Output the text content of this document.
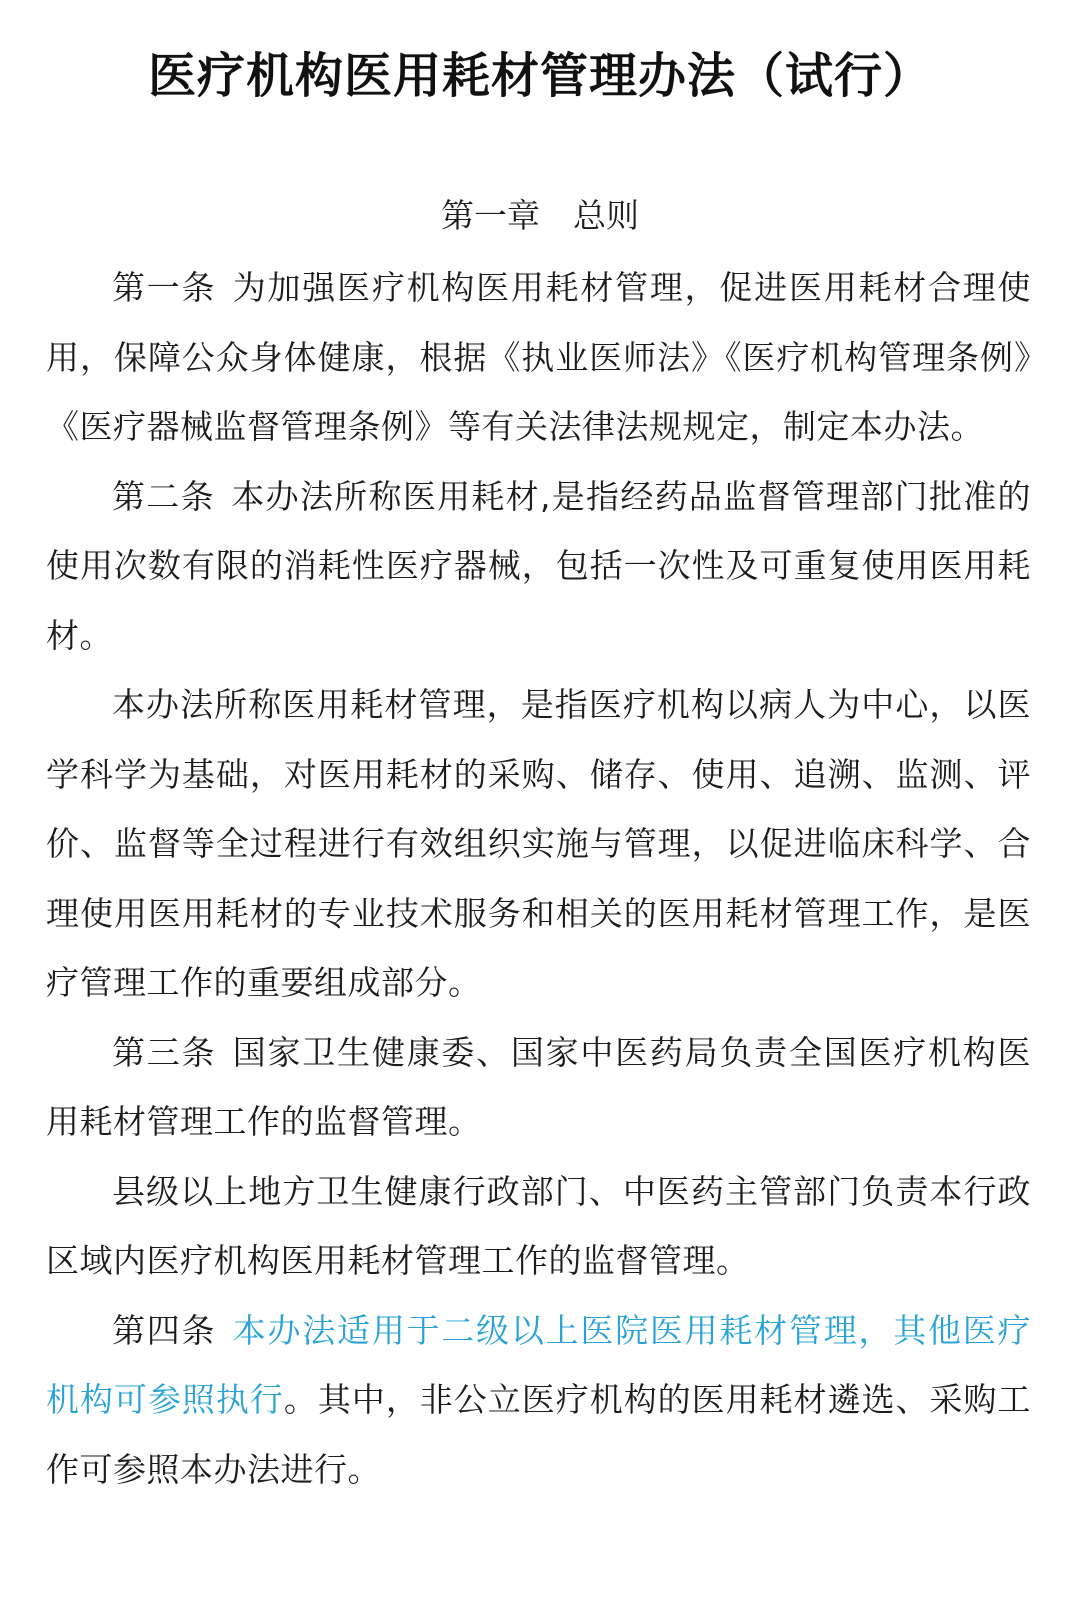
医疗机构医用耗材管理办法（试行）
第一章　总则

第一条 为加强医疗机构医用耗材管理，促进医用耗材合理使用，保障公众身体健康，根据《执业医师法》《医疗机构管理条例》《医疗器械监督管理条例》等有关法律法规规定，制定本办法。

第二条 本办法所称医用耗材,是指经药品监督管理部门批准的使用次数有限的消耗性医疗器械，包括一次性及可重复使用医用耗材。

本办法所称医用耗材管理，是指医疗机构以病人为中心，以医学科学为基础，对医用耗材的采购、储存、使用、追溯、监测、评价、监督等全过程进行有效组织实施与管理，以促进临床科学、合理使用医用耗材的专业技术服务和相关的医用耗材管理工作，是医疗管理工作的重要组成部分。

第三条 国家卫生健康委、国家中医药局负责全国医疗机构医用耗材管理工作的监督管理。

县级以上地方卫生健康行政部门、中医药主管部门负责本行政区域内医疗机构医用耗材管理工作的监督管理。

第四条 本办法适用于二级以上医院医用耗材管理，其他医疗机构可参照执行。其中，非公立医疗机构的医用耗材遴选、采购工作可参照本办法进行。
